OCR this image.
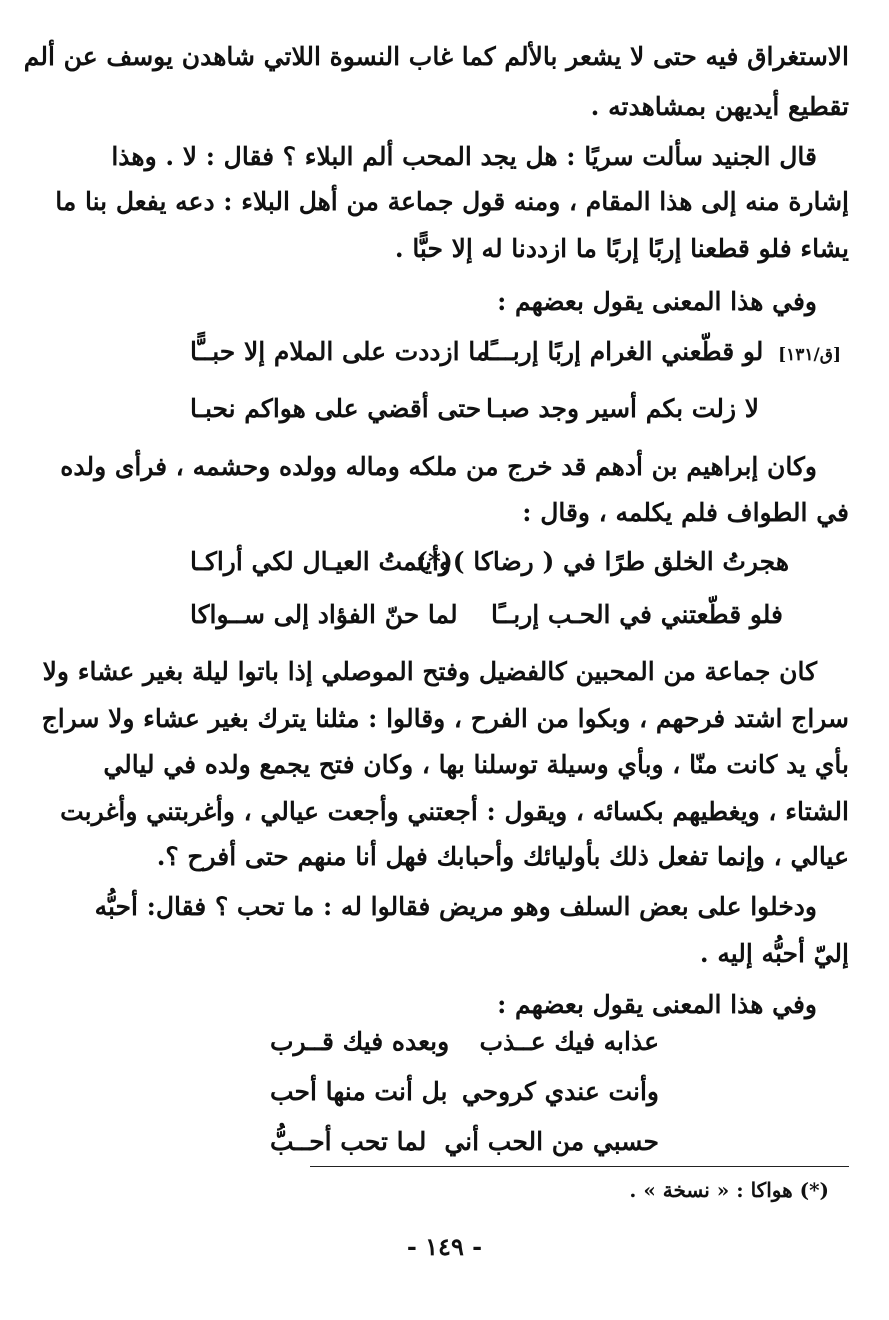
الاستغراق فيه حتى لا يشعر بالألم كما غاب النسوة اللاتي شاهدن يوسف عن ألم
تقطيع أيديهن بمشاهدته .
قال الجنيد سألت سريًا : هل يجد المحب ألم البلاء ؟ فقال : لا . وهذا
إشارة منه إلى هذا المقام ، ومنه قول جماعة من أهل البلاء : دعه يفعل بنا ما
يشاء فلو قطعنا إربًا إربًا ما ازددنا له إلا حبًّا .
وفي هذا المعنى يقول بعضهم :
[ق/١٣١] لو قطّعني الغرام إربًا إربـــًا
ما ازددت على الملام إلا حبــًّا
لا زلت بكم أسير وجد صبـا
حتى أقضي على هواكم نحبـا
وكان إبراهيم بن أدهم قد خرج من ملكه وماله وولده وحشمه ، فرأى ولده
في الطواف فلم يكلمه ، وقال :
هجرتُ الخلق طرًا في ( رضاكا )(*)
وأيتمتُ العيـال لكي أراكـا
فلو قطّعتني في الحـب إربــًا
لما حنّ الفؤاد إلى ســواكا
كان جماعة من المحبين كالفضيل وفتح الموصلي إذا باتوا ليلة بغير عشاء ولا
سراج اشتد فرحهم ، وبكوا من الفرح ، وقالوا : مثلنا يترك بغير عشاء ولا سراج
بأي يد كانت منّا ، وبأي وسيلة توسلنا بها ، وكان فتح يجمع ولده في ليالي
الشتاء ، ويغطيهم بكسائه ، ويقول : أجعتني وأجعت عيالي ، وأغربتني وأغربت
عيالي ، وإنما تفعل ذلك بأوليائك وأحبابك فهل أنا منهم حتى أفرح ؟.
ودخلوا على بعض السلف وهو مريض فقالوا له : ما تحب ؟ فقال: أحبُّه
إليّ أحبُّه إليه .
وفي هذا المعنى يقول بعضهم :
عذابه فيك عــذب
وبعده فيك قــرب
وأنت عندي كروحي
بل أنت منها أحب
حسبي من الحب أني
لما تحب أحــبُّ
(*) هواكا : « نسخة » .
- ١٤٩ -
